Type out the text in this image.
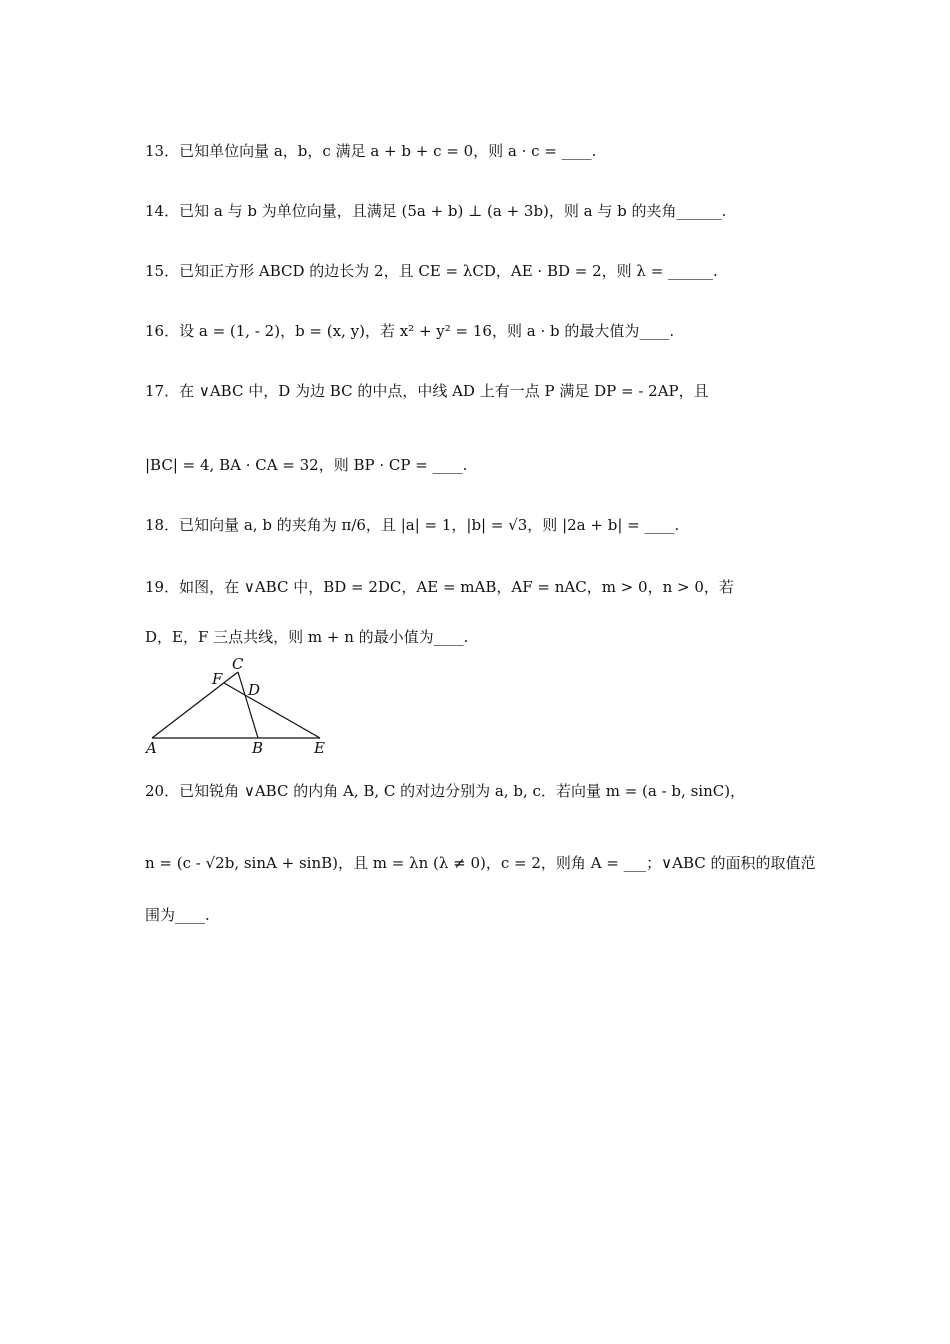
13．已知单位向量 a，b，c 满足 a + b + c = 0，则 a · c = ____.
14．已知 a 与 b 为单位向量，且满足 (5a + b) ⊥ (a + 3b)，则 a 与 b 的夹角______.
15．已知正方形 ABCD 的边长为 2，且 CE = λCD，AE · BD = 2，则 λ = ______.
16．设 a = (1, - 2)，b = (x, y)，若 x² + y² = 16，则 a · b 的最大值为____.
17．在 ∨ABC 中，D 为边 BC 的中点，中线 AD 上有一点 P 满足 DP = - 2AP，且
|BC| = 4, BA · CA = 32，则 BP · CP = ____.
18．已知向量 a, b 的夹角为 π/6，且 |a| = 1，|b| = √3，则 |2a + b| = ____.
19．如图，在 ∨ABC 中，BD = 2DC，AE = mAB，AF = nAC，m > 0，n > 0，若
D，E，F 三点共线，则 m + n 的最小值为____.
A	B	E
C
F
D
20．已知锐角 ∨ABC 的内角 A, B, C 的对边分别为 a, b, c．若向量 m = (a - b, sinC)，
n = (c - √2b, sinA + sinB)，且 m = λn (λ ≠ 0)，c = 2，则角 A = ___；∨ABC 的面积的取值范
围为____.
